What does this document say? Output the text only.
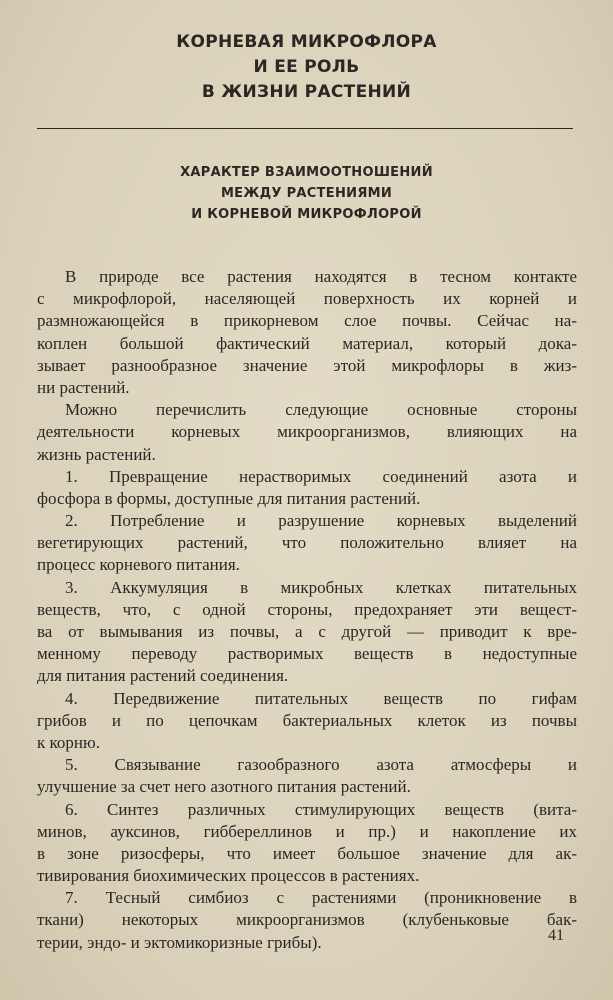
КОРНЕВАЯ МИКРОФЛОРА
И ЕЕ РОЛЬ
В ЖИЗНИ РАСТЕНИЙ
ХАРАКТЕР ВЗАИМООТНОШЕНИЙ
МЕЖДУ РАСТЕНИЯМИ
И КОРНЕВОЙ МИКРОФЛОРОЙ
В природе все растения находятся в тесном контакте
с микрофлорой, населяющей поверхность их корней и
размножающейся в прикорневом слое почвы. Сейчас на-
коплен большой фактический материал, который дока-
зывает разнообразное значение этой микрофлоры в жиз-
ни растений.
Можно перечислить следующие основные стороны
деятельности корневых микроорганизмов, влияющих на
жизнь растений.
1. Превращение нерастворимых соединений азота и
фосфора в формы, доступные для питания растений.
2. Потребление и разрушение корневых выделений
вегетирующих растений, что положительно влияет на
процесс корневого питания.
3. Аккумуляция в микробных клетках питательных
веществ, что, с одной стороны, предохраняет эти вещест-
ва от вымывания из почвы, а с другой — приводит к вре-
менному переводу растворимых веществ в недоступные
для питания растений соединения.
4. Передвижение питательных веществ по гифам
грибов и по цепочкам бактериальных клеток из почвы
к корню.
5. Связывание газообразного азота атмосферы и
улучшение за счет него азотного питания растений.
6. Синтез различных стимулирующих веществ (вита-
минов, ауксинов, гиббереллинов и пр.) и накопление их
в зоне ризосферы, что имеет большое значение для ак-
тивирования биохимических процессов в растениях.
7. Тесный симбиоз с растениями (проникновение в
ткани) некоторых микроорганизмов (клубеньковые бак-
терии, эндо- и эктомикоризные грибы).	41
